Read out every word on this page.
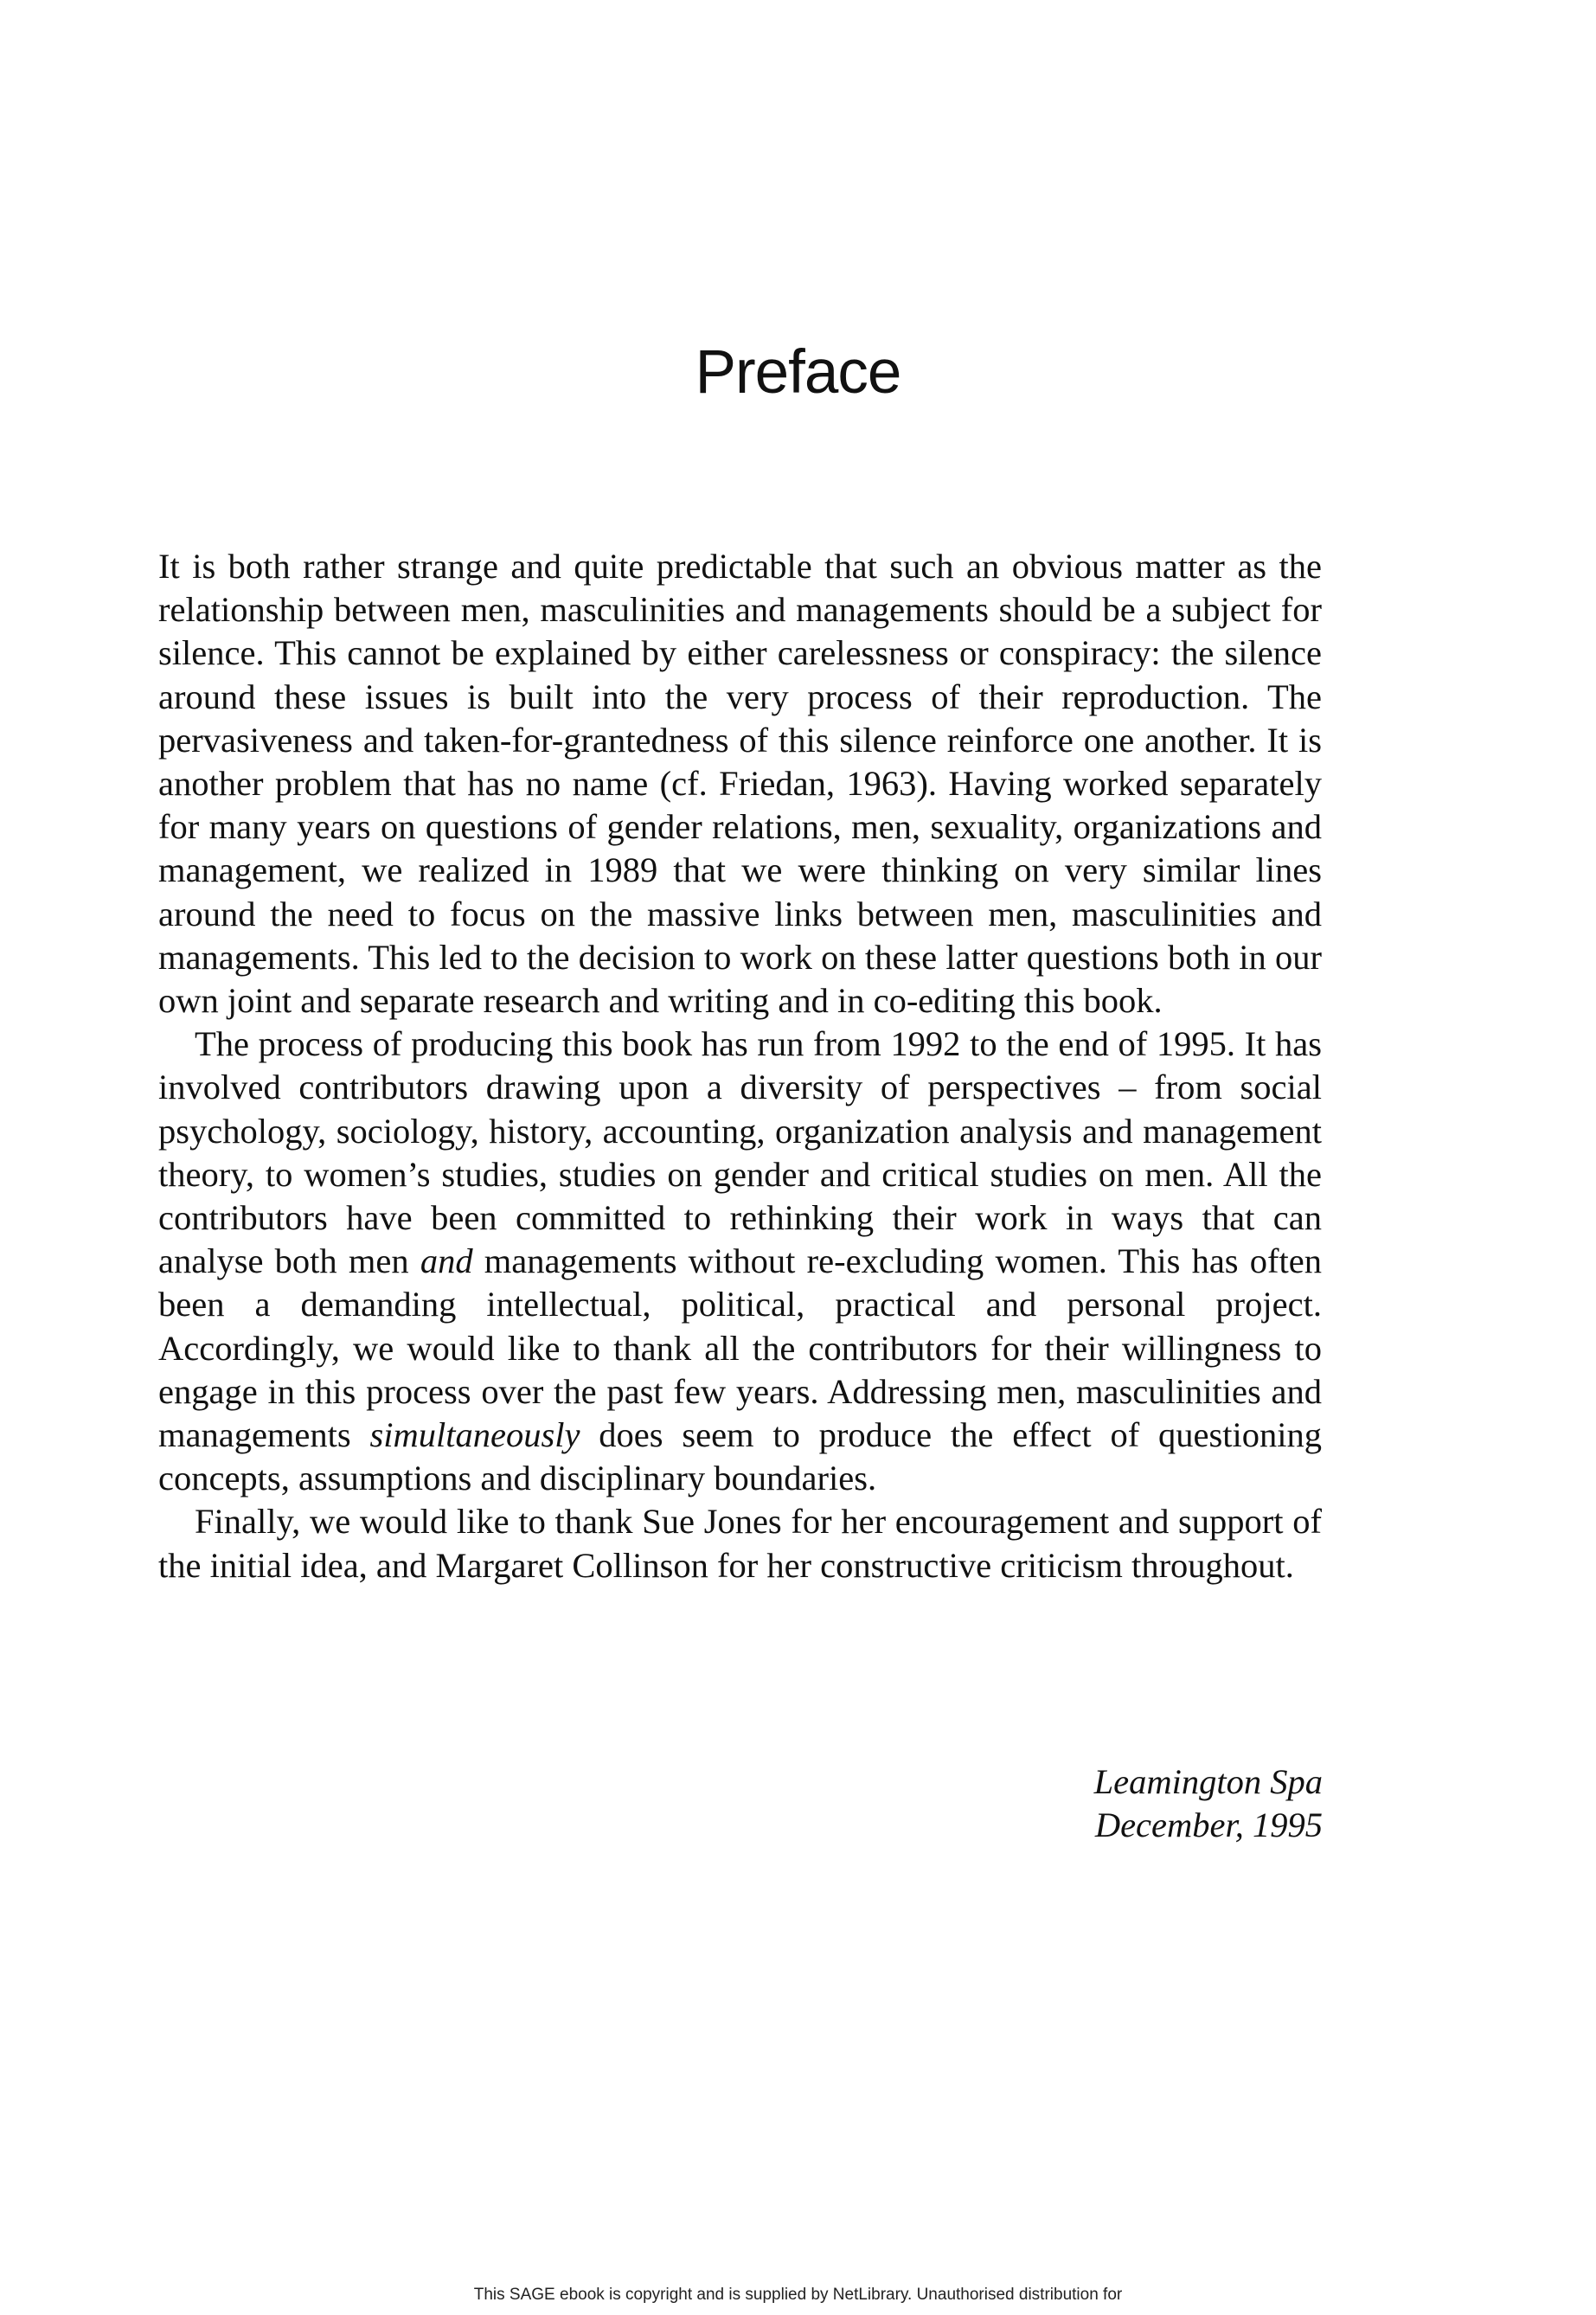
Preface

It is both rather strange and quite predictable that such an obvious matter as the relationship between men, masculinities and managements should be a subject for silence. This cannot be explained by either carelessness or conspiracy: the silence around these issues is built into the very process of their reproduction. The pervasiveness and taken-for-grantedness of this silence reinforce one another. It is another problem that has no name (cf. Friedan, 1963). Having worked separately for many years on questions of gender relations, men, sexuality, organizations and management, we realized in 1989 that we were thinking on very similar lines around the need to focus on the massive links between men, masculinities and managements. This led to the decision to work on these latter questions both in our own joint and separate research and writing and in co-editing this book.

The process of producing this book has run from 1992 to the end of 1995. It has involved contributors drawing upon a diversity of perspectives – from social psychology, sociology, history, accounting, organization analysis and management theory, to women’s studies, studies on gender and critical studies on men. All the contributors have been committed to rethinking their work in ways that can analyse both men and managements without re-excluding women. This has often been a demanding intellectual, political, practical and personal project. Accordingly, we would like to thank all the contributors for their willingness to engage in this process over the past few years. Addressing men, masculinities and managements simultaneously does seem to produce the effect of questioning concepts, assumptions and disciplinary boundaries.

Finally, we would like to thank Sue Jones for her encouragement and support of the initial idea, and Margaret Collinson for her constructive criticism throughout.

Leamington Spa
December, 1995
This SAGE ebook is copyright and is supplied by NetLibrary. Unauthorised distribution for
